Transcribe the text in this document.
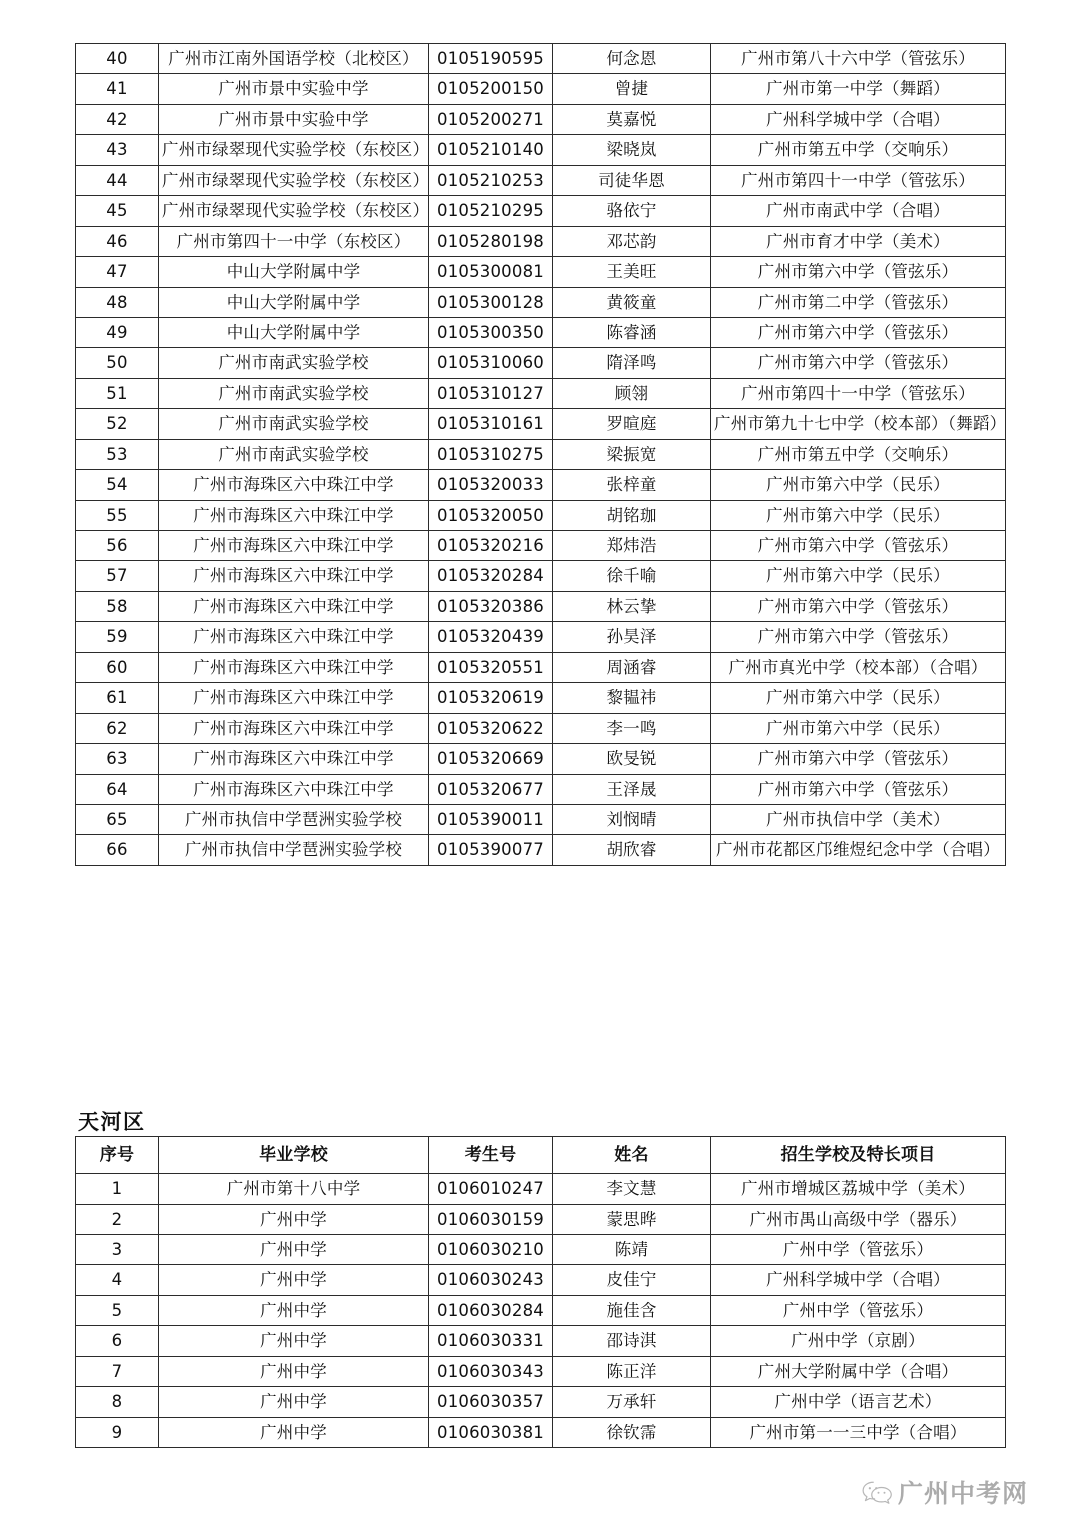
40	广州市江南外国语学校（北校区）	0105190595	何念恩	广州市第八十六中学（管弦乐）
41	广州市景中实验中学	0105200150	曾捷	广州市第一中学（舞蹈）
42	广州市景中实验中学	0105200271	莫嘉悦	广州科学城中学（合唱）
43	广州市绿翠现代实验学校（东校区）	0105210140	梁晓岚	广州市第五中学（交响乐）
44	广州市绿翠现代实验学校（东校区）	0105210253	司徒华恩	广州市第四十一中学（管弦乐）
45	广州市绿翠现代实验学校（东校区）	0105210295	骆依宁	广州市南武中学（合唱）
46	广州市第四十一中学（东校区）	0105280198	邓芯韵	广州市育才中学（美术）
47	中山大学附属中学	0105300081	王美旺	广州市第六中学（管弦乐）
48	中山大学附属中学	0105300128	黄筱童	广州市第二中学（管弦乐）
49	中山大学附属中学	0105300350	陈睿涵	广州市第六中学（管弦乐）
50	广州市南武实验学校	0105310060	隋泽鸣	广州市第六中学（管弦乐）
51	广州市南武实验学校	0105310127	顾翎	广州市第四十一中学（管弦乐）
52	广州市南武实验学校	0105310161	罗暄庭	广州市第九十七中学（校本部）（舞蹈）
53	广州市南武实验学校	0105310275	梁振宽	广州市第五中学（交响乐）
54	广州市海珠区六中珠江中学	0105320033	张梓童	广州市第六中学（民乐）
55	广州市海珠区六中珠江中学	0105320050	胡铭珈	广州市第六中学（民乐）
56	广州市海珠区六中珠江中学	0105320216	郑炜浩	广州市第六中学（管弦乐）
57	广州市海珠区六中珠江中学	0105320284	徐千喻	广州市第六中学（民乐）
58	广州市海珠区六中珠江中学	0105320386	林云挚	广州市第六中学（管弦乐）
59	广州市海珠区六中珠江中学	0105320439	孙昊泽	广州市第六中学（管弦乐）
60	广州市海珠区六中珠江中学	0105320551	周涵睿	广州市真光中学（校本部）（合唱）
61	广州市海珠区六中珠江中学	0105320619	黎韫祎	广州市第六中学（民乐）
62	广州市海珠区六中珠江中学	0105320622	李一鸣	广州市第六中学（民乐）
63	广州市海珠区六中珠江中学	0105320669	欧旻锐	广州市第六中学（管弦乐）
64	广州市海珠区六中珠江中学	0105320677	王泽晟	广州市第六中学（管弦乐）
65	广州市执信中学琶洲实验学校	0105390011	刘悯晴	广州市执信中学（美术）
66	广州市执信中学琶洲实验学校	0105390077	胡欣睿	广州市花都区邝维煜纪念中学（合唱）
天河区
序号	毕业学校	考生号	姓名	招生学校及特长项目
1	广州市第十八中学	0106010247	李文慧	广州市增城区荔城中学（美术）
2	广州中学	0106030159	蒙思晔	广州市禺山高级中学（器乐）
3	广州中学	0106030210	陈靖	广州中学（管弦乐）
4	广州中学	0106030243	皮佳宁	广州科学城中学（合唱）
5	广州中学	0106030284	施佳含	广州中学（管弦乐）
6	广州中学	0106030331	邵诗淇	广州中学（京剧）
7	广州中学	0106030343	陈正洋	广州大学附属中学（合唱）
8	广州中学	0106030357	万承轩	广州中学（语言艺术）
9	广州中学	0106030381	徐钦霈	广州市第一一三中学（合唱）
广州中考网
